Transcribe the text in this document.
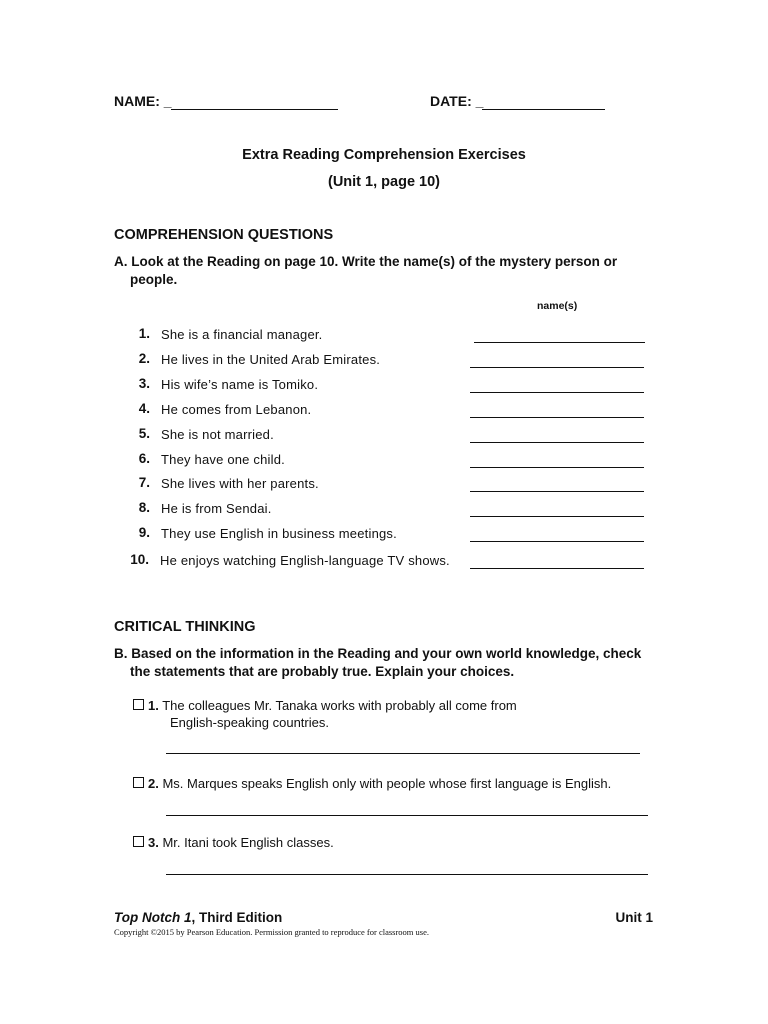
NAME: _	DATE: _
Extra Reading Comprehension Exercises
(Unit 1, page 10)
COMPREHENSION QUESTIONS
A. Look at the Reading on page 10. Write the name(s) of the mystery person or
people.
name(s)
1. She is a financial manager.
2. He lives in the United Arab Emirates.
3. His wife’s name is Tomiko.
4. He comes from Lebanon.
5. She is not married.
6. They have one child.
7. She lives with her parents.
8. He is from Sendai.
9. They use English in business meetings.
10. He enjoys watching English-language TV shows.
CRITICAL THINKING
B. Based on the information in the Reading and your own world knowledge, check
the statements that are probably true. Explain your choices.
1. The colleagues Mr. Tanaka works with probably all come from
English-speaking countries.
2. Ms. Marques speaks English only with people whose first language is English.
3. Mr. Itani took English classes.
Top Notch 1, Third Edition	Unit 1
Copyright ©2015 by Pearson Education. Permission granted to reproduce for classroom use.
